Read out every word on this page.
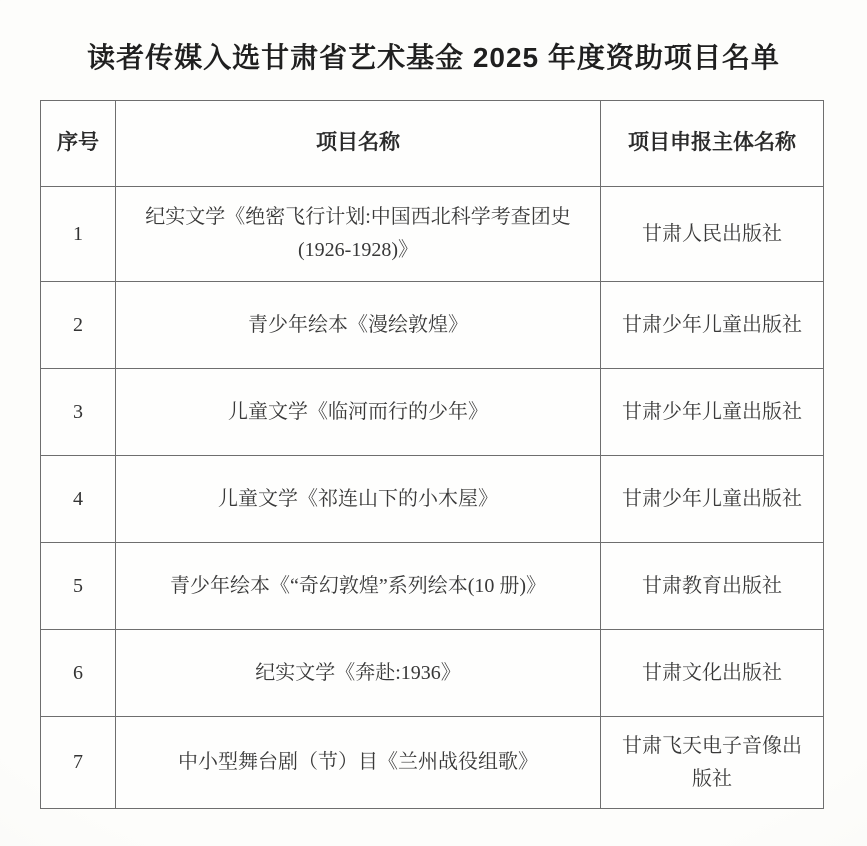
读者传媒入选甘肃省艺术基金 2025 年度资助项目名单
序号	项目名称	项目申报主体名称
1	纪实文学《绝密飞行计划:中国西北科学考查团史(1926-1928)》	甘肃人民出版社
2	青少年绘本《漫绘敦煌》	甘肃少年儿童出版社
3	儿童文学《临河而行的少年》	甘肃少年儿童出版社
4	儿童文学《祁连山下的小木屋》	甘肃少年儿童出版社
5	青少年绘本《“奇幻敦煌”系列绘本(10 册)》	甘肃教育出版社
6	纪实文学《奔赴:1936》	甘肃文化出版社
7	中小型舞台剧（节）目《兰州战役组歌》	甘肃飞天电子音像出版社
